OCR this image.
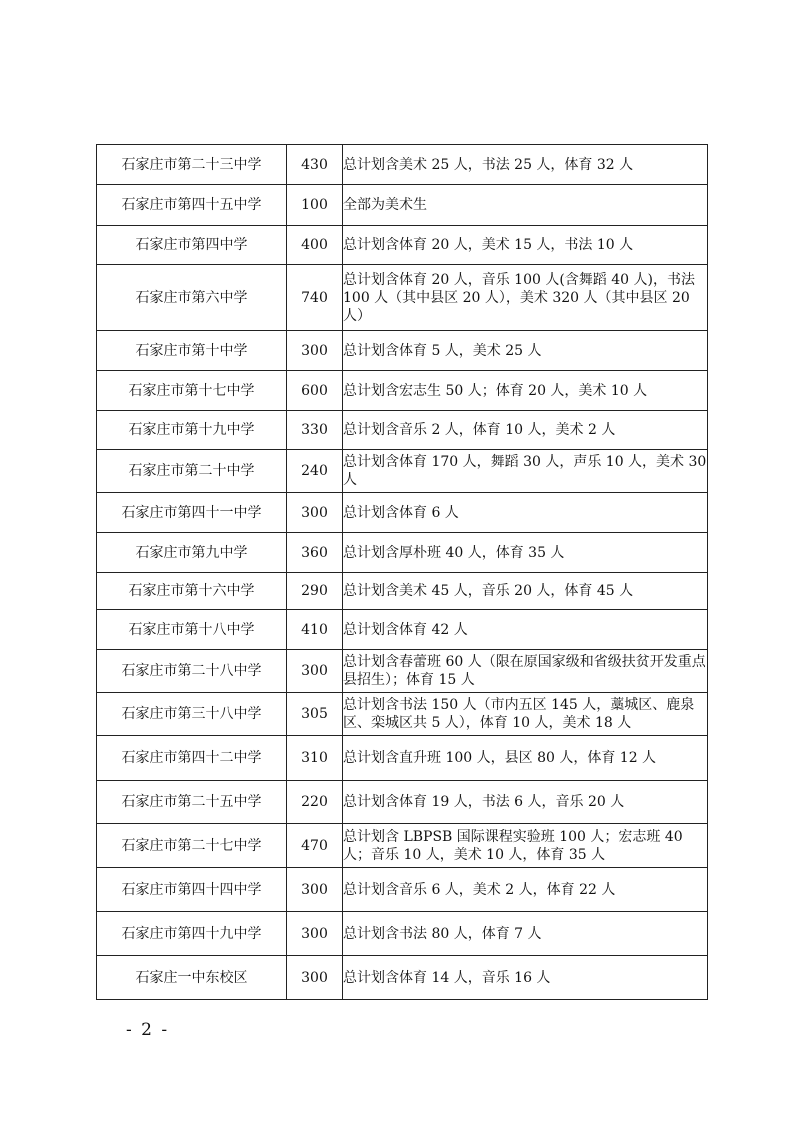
石家庄市第二十三中学	430	总计划含美术 25 人，书法 25 人，体育 32 人
石家庄市第四十五中学	100	全部为美术生
石家庄市第四中学	400	总计划含体育 20 人，美术 15 人，书法 10 人
石家庄市第六中学	740	总计划含体育 20 人，音乐 100 人(含舞蹈 40 人)，书法 100 人（其中县区 20 人），美术 320 人（其中县区 20 人）
石家庄市第十中学	300	总计划含体育 5 人，美术 25 人
石家庄市第十七中学	600	总计划含宏志生 50 人；体育 20 人，美术 10 人
石家庄市第十九中学	330	总计划含音乐 2 人，体育 10 人，美术 2 人
石家庄市第二十中学	240	总计划含体育 170 人，舞蹈 30 人，声乐 10 人，美术 30 人
石家庄市第四十一中学	300	总计划含体育 6 人
石家庄市第九中学	360	总计划含厚朴班 40 人，体育 35 人
石家庄市第十六中学	290	总计划含美术 45 人，音乐 20 人，体育 45 人
石家庄市第十八中学	410	总计划含体育 42 人
石家庄市第二十八中学	300	总计划含春蕾班 60 人（限在原国家级和省级扶贫开发重点县招生）；体育 15 人
石家庄市第三十八中学	305	总计划含书法 150 人（市内五区 145 人，藁城区、鹿泉区、栾城区共 5 人），体育 10 人，美术 18 人
石家庄市第四十二中学	310	总计划含直升班 100 人，县区 80 人，体育 12 人
石家庄市第二十五中学	220	总计划含体育 19 人，书法 6 人，音乐 20 人
石家庄市第二十七中学	470	总计划含 LBPSB 国际课程实验班 100 人；宏志班 40 人；音乐 10 人，美术 10 人，体育 35 人
石家庄市第四十四中学	300	总计划含音乐 6 人，美术 2 人，体育 22 人
石家庄市第四十九中学	300	总计划含书法 80 人，体育 7 人
石家庄一中东校区	300	总计划含体育 14 人，音乐 16 人
- 2 -
